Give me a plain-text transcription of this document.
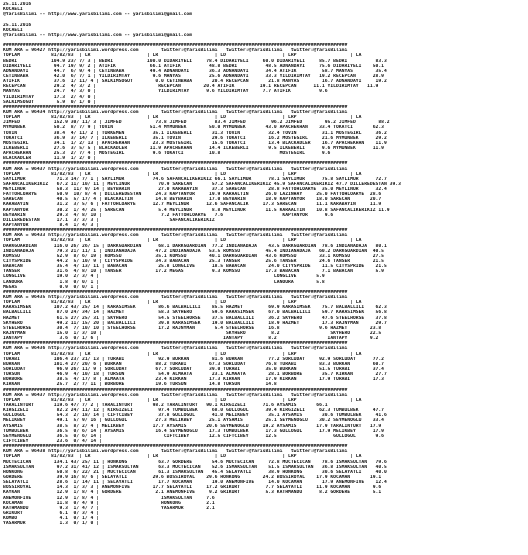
25.11.2016
KOCAELI
@YarisBilimi -- http://www.yarisbilimi.com -- yarisbilimi@gmail.com

25.11.2016
KOCAELI
@YarisBilimi -- http://www.yarisbilimi.com -- yarisbilimi@gmail.com

##########################################################################################################################
KUM ARA = 96427 http://yarisbilimi.wordpress.com        twitter:@YarisBilimi   twitter:@YarisBilimi   twitter:@YarisBilimi
TOPLAM           81/82/83  | LR                    | LR                    | LD                    | LRP                   | LA
BEDRI            104.9 23/ 7/ 3 | BEDRI            100.0 DIDARIYELI     78.4 DIDARIYELI     60.0 DIDARIYELI     85.7 BEDRI          83.3
DIDARIYELI        94.7 19/ 9/ 2 | ATIFIK            66.1 ATIFIK          48.8 BEDRI          48.5 ADNANDAYI     75.6 DIDARIYELI    50.1
ADNANDAYI         44.7  6/ 9/ 4 | CETINBABA         49.4 ADNANDAYI       36.3 ADNANDAYI      34.4 ATIFIK         58.7 MANYAS        35.4
CETINBABA         42.0  6/ 7/ 1 | YILDIRIMTAY        9.6 MANYAS          25.6 ADNANDAYI      33.3 YILDIRIMTAY   19.2 RECEPCAN      28.9
ATIFIK            37.6  1/ 11/ 4 | SALKIMSOGUT        0.0 CETINBABA       20.4 RECEPCAN       21.8 MANYAS        16.7 ADNANDAYI     19.2
RECEPCAN          29.2  4/ 3/ 2 |                      RECEPCAN        20.4 ATIFIK         19.1 RECEPCAN      11.1 YILDIRIMTAY   11.9
MANYAS            24.7  4/ 3/ 0 |                      YILDIRIMTAY      9.6 YILDIRIMTAY     7.7 ATIFIK          9.6
YILDIRIMTAY       17.3  2/ 4/ 0 |
SALKIMSOGUT        5.9  0/ 1/ 0 |
##########################################################################################################################
KUM ARA = 96434 http://yarisbilimi.wordpress.com        twitter:@YarisBilimi   twitter:@YarisBilimi   twitter:@YarisBilimi
TOPLAM           81/82/83  | LR                    | LR                    | LD                    | LRP                   | LA
JIMFED            152.9 30/ 11/ 3 | JIMFED            73.8 JIMFED          83.4 JIMFED         96.2 JIMFED        95.2 JIMFED        88.2
MYMUNBEK          50.2  8/ 7/ 9 | TOVIN             51.4 MYMUNBEK        50.0 MYMUNBEK       43.0 APACHEKHAN    33.4 TOKATCI       62.3
TOVIN             38.4  4/ 11/ 2 | TURKEMEN          35.1 ILKEBERLI       31.3 TOVIN          32.4 TOVIN         31.1 MOSTEGIRL     36.2
TOKATCI           36.9  3/ 14/ 7 | ILKEBERLI         35.1 TOVIN           29.6 TOKATCI        16.2 MOSTEGIRL     21.6 MYMUNBEK      29.2
MOSTEGIRL         34.1  1/ 2/ 13 | APACHEKHAN        23.3 MOSTEGIRL       15.6 TOKATCI        13.4 BLACKADLER    16.7 APACHEKHAN    11.9
ILKEBERLI         27.6  3/ 5/ 5 | BLACKADLER        11.9 APACHEKHAN      14.4 ILKEBERLI       9.5 ILKEBERLI      9.6 MYMUNBEK      11.9
APACHEKHAN        25.3  2/ 7/ 4 | MOSTEGIRL          9.6 TOKATCI         10.8                     MOSTEGIRL      9.6
BLACKADLER        11.9  1/ 2/ 0 |
##########################################################################################################################
KUM ARA = 96437 http://yarisbilimi.wordpress.com        twitter:@YarisBilimi   twitter:@YarisBilimi   twitter:@YarisBilimi
TOPLAM           81/82/83  | LR                    | LR                    | LD                    | LRP                   | LA
SAYLIMUR           71.3 14/ 7/ 1 | SAYLIMUR          74.6 SAFANCALIKERIKIZ 66.1 SAYLIMUR      78.1 SAYLIMUR      75.8 SAYLIMUR      72.7
SAFANCALIKERIKIZ   67.2 11/ 10/ 11 | MEYLINUR          70.9 SARECAN       57.2 SAFANCALIKERIKIZ 45.9 SAFANCALIKERIKIZ 47.7 DILLEREDESTAN 39.3
MEYLINUR           58.3  11/ 9/ 14 | BEYBARIN          27.0 KARABAYIN     37.3 SARECAN        28.8 FATTOHLOARYE  35.0 MEYLINUR      32.4
FATTOHLOARYE       50.9  10/ 8/ 4 | DILLEREDESTAN     24.3 KAPTANYOR     19.9 KARAALTIN      26.0 LAZINHAY     25.0 FATTOHLOARYE  28.6
SARECAN            40.5  5/ 17/ 4 | BLACKALTIN        14.8 BEYBARIN      17.0 BEYBARIN       18.9 KAPTANYOR    18.0 SARECAN       20.7
KARABAYIN          31.2  3/ 5/ 6 | FATTOHLOARYE      12.7 MEYLINUR      12.6 SAFANCALIK     17.3 SARECAN       11.1 KARABAYIN     11.9
KAPTANYOR          30.2  1/ 4/ 25 | SARECAN            5.4 MEYLINUR       8.8 MEYLINUR       11.5 KARAALTIN    10.8 SAFANCALIKERIKIZ 11.9
BEYBARIN           29.3  4/ 8/ 10 |                     7.2 FATTOHLOARYE   7.6                     KAPTANYOR      9.6
DILLEREDESTAN      17.1  3/ 3/ 3 |                         SAFANCALIKERIKIZ
KAPTANYOR           8.4  1/ 4/ 3 |
##########################################################################################################################
KUM ARA = 96433 http://yarisbilimi.wordpress.com        twitter:@YarisBilimi   twitter:@YarisBilimi   twitter:@YarisBilimi
TOPLAM           81/82/83  | LR                    | LR                    | LD                    | LRP                   | LA
DARKGUARDIAN      116.0 26/ 26/ 15 | DARKGUARDIAN      68.1 DARKGUARDIAN  77.2 INDIANADAJA    43.5 DARKGUARDIAN  78.6 INDIANADAJA   80.1
INDIANADAJA        79.3 21/ 11/ 1 | INDIANADAJA       47.2 INDIANADAJA   53.5 ROMSSU         45.4 INDIANADAJA   60.2 DARKGUARDIAN  40.5
KOMSSU             52.9  8/ 6/ 19 | KOMSSU            35.1 KOMSSU        40.1 DARKGUARDIAN   43.6 KOMSSU        33.1 KOMSSU        27.5
CITYSPRIDE         44.2  5/ 10/ 9 | CITYSPRIDE        34.3 BABACAN       25.3 TANSER         25.6 TANSER        24.6 TANSER        21.5
BABACAN            35.4  4/ 13/ 11 | BABACAN           25.8 LONGLIVE      18.5 BABACAN        24.0 CITYSPRIDE    11.5 CITYSPRIDE    21.5
TANSER             31.6  4/ 8/ 10 | TANSER            17.2 MEGAS          9.3 KOMSSU         17.3 BABACAN        7.1 BABACAN        5.9
LONGLIVE           19.0  2/ 3/ 4 |                                                              LONGLIVE       5.9
LANOURA             1.8  0/ 0/ 1 |                                                              LANOURA        5.8
MEGAS               0.9  0/ 0/ 1 |
##########################################################################################################################
KUM ARA = 96435 http://yarisbilimi.wordpress.com        twitter:@YarisBilimi   twitter:@YarisBilimi   twitter:@YarisBilimi
TOPLAM           81/82/83  | LR                    | LR                    | LD                    | LRP                   | LA
KARASIMSEK        107.2 43/ 25/ 14 | KARASIMSEK        86.6 BALBALLILI    85.5 HAZMET         69.9 KARASIMSEK    75.7 BALBALLILI    62.3
BALBALLILI         87.0 24/ 34/ 14 | HAZMET            58.3 SKYHERO       59.6 KARASIMSEK     67.0 BALBALLILI    59.7 KARASIMSEK    56.8
HAZMET             61.5 27/ 25/ 31 | SKYHERO           54.5 STEELHORSE    37.5 BALBALLILI     36.2 SKYHERO       47.6 STEELHORSE    37.8
SKYHERO            49.2 11/ 15/ 20 | BALBALLILI        39.8 KARASIMSEK    19.0 BALBALLILI     18.9 HAZMET        17.3 RAJNYMAN      29.7
STEELHORSE         30.4  7/ 10/ 10 | STEELHORSE        17.2 RAJNYMAN       5.4 STEELHORSE     16.8              9.6 HAZMET        23.8
RAJNYMAN           15.0  1/ 3/ 10 |                                            SKYHERO         8.2                  SKYHERO       22.5
IANTAPY             3.6  0/ 1/ 6 |                                            IANTAPY         8.2                  IANTAPY        9.2
##########################################################################################################################
KUM ARA = 96436 http://yarisbilimi.wordpress.com        twitter:@YarisBilimi   twitter:@YarisBilimi   twitter:@YarisBilimi
TOPLAM           81/82/83  | LR                    | LR                    | LD                    | LRP                   | LA
TURABI            106.4 23/ 21/ 13 | TURABI            92.9 BURKAN        81.6 BURKAN         77.2 SORLUDAT     92.9 SORLUDAT      77.2
BURKAN            101.4 27/ 20/ 6 | BURKAN            88.2 TURABI        67.3 SORLUDAT       76.8 TURABI        83.3 BURKAN        60.7
SORLUDAT           96.9 26/ 11/ 9 | SORLUDAT          67.7 SORLUDAT      39.0 TURABI         35.0 BURKAN        51.5 TURABI        37.4
TURSUN             46.9  4/ 10/ 18 | TURSUN            54.9 ALMAATA       23.1 ALMAATA        28.1 BORBORE       35.7 KIRKAN        27.7
BORBORE            38.5  4/ 17/ 8 | ALMAATA           23.4 KIRKAN        17.3 KIRKAN         17.9 KIRKAN        17.9 TURABI        17.3
KIRKAN             25.7  2/ 7/ 11 | BORBORE           19.6 TURSUN        14.8 TURSUN         14.8
##########################################################################################################################
KUM ARA = 96437 http://yarisbilimi.wordpress.com        twitter:@YarisBilimi   twitter:@YarisBilimi   twitter:@YarisBilimi
TOPLAM           81/82/83  | LR                    | LR                    | LD                    | LRP                   | LA
TARALINTURT       119.6 47/ 7/ 2 | TARALINTURT       98.2 TARALINTURT   90.1 KIRGIZELI      71.6 AYSAMIS       66.1
KIRGIZELI          82.2 24/ 11/ 12 | KIRGIZELI         97.4 TUMBULBEK     68.0 GULLOGUL      39.4 KIRGIZELI     62.3 TUMBULBEK     47.7
GULLOGUL           54.3  2/ 18/ 14 | CIFTCIBEY         37.8 GULLOGUL      41.0 MELIKBEY       35.1 AYSAMIS       30.6 TUMBULBEK     41.6
MELIKBEY           49.1  5/ 9/ 16 | GULLOGUL          27.3 MELIKBEY      25.1 AYSAMIS        25.1 SEYMENOGLU    30.2 SEYMENOGLU    33.4
AYSAMIS            38.5  8/ 2/ 4 | MELIKBEY          17.7 AYSAMIS       20.6 SEYMENOGLU     19.2 AYSAMIS       17.9 TARALINTURT   17.9
TUMBULBEK          36.5  0/ 6/ 14 | AYSAMIS           16.4 SEYMENOGLU    17.3 TUMBULBEK      17.3 GULLOGUL      17.9 MELIKBEY      17.9
SEYMENOGLU         36.5  0/ 6/ 14 |                      CIFTCIBEY       12.5 CIFTCIBEY      12.5                    GULLOGUL       9.6
CIFTCIBEY          23.6  0/ 4/ 14 |
##########################################################################################################################
KUM ARA = 96438 http://yarisbilimi.wordpress.com        twitter:@YarisBilimi   twitter:@YarisBilimi   twitter:@YarisBilimi
TOPLAM           81/82/83  | LR                    | LR                    | LD                    | LRP                   | LA
MUCTECICAN        134.1 43/ 25/ 11 | HONKONG           63.7 GORDERE       54.6 MUCTECICAN     72.8 MUCTECICAN    78.6 ISMAKSULTAN   79.6
ISMAKSULTAN        97.2 31/ 41/ 12 | ISMAKSULTAN       63.3 MUCTECICAN    52.6 ISMAKSULTAN    51.5 ISMAKSULTAN   36.8 ISMAKSULTAN   40.5
HONKONG            50.8  6/ 22/ 21 | MUCTECICAN        61.3 ISMAKSULTAN   45.4 SELAYATLI      38.9 HONKONG       30.6 SELAYATLI     40.0
GORDERE            39.9 16/ 8/ 6 | SELAYATLI         29.6 BOSSIROYAL    29.6 HONKONG        24.2 BOSSIROYAL    17.9 KOCAMAN       19.1
SELAYATLI          28.6  1/ 14/ 11 | SELAYATLI         17.7 KOCAMAN       19.0 ANEMONFIVE     14.0 KOCAMAN       17.9 ANEMONFIVE    12.4
BOSSIROYAL         14.3  1/ 3/ 3 | ANEMONFIVE        17.7 SELAYATLI     17.2 GRIKURT         7.7 SELAYATLI     11.9 KOCAMAN        9.6
KAYKAN             12.9  1/ 8/ 4 | GORDERE            2.1 ANEMONFIVE     9.2 GRIKURT         5.3 KATHMANDU      8.2 GORDERE        5.1
ANEMONFIVE         12.9  1/ 8/ 4 |                      ISMAKSULTAN     7.6
KOCAMAN            11.8  0/ 4/ 9 |                      HONKONG         2.1
KATHMANDU           9.3  1/ 4/ 7 |                      YASARMUR        2.1
GRIKURT             6.1  0/ 3/ 4 |
KOMBO               4.1  0/ 1/ 4 |
YASARMUR            1.3  0/ 1/ 0 |
